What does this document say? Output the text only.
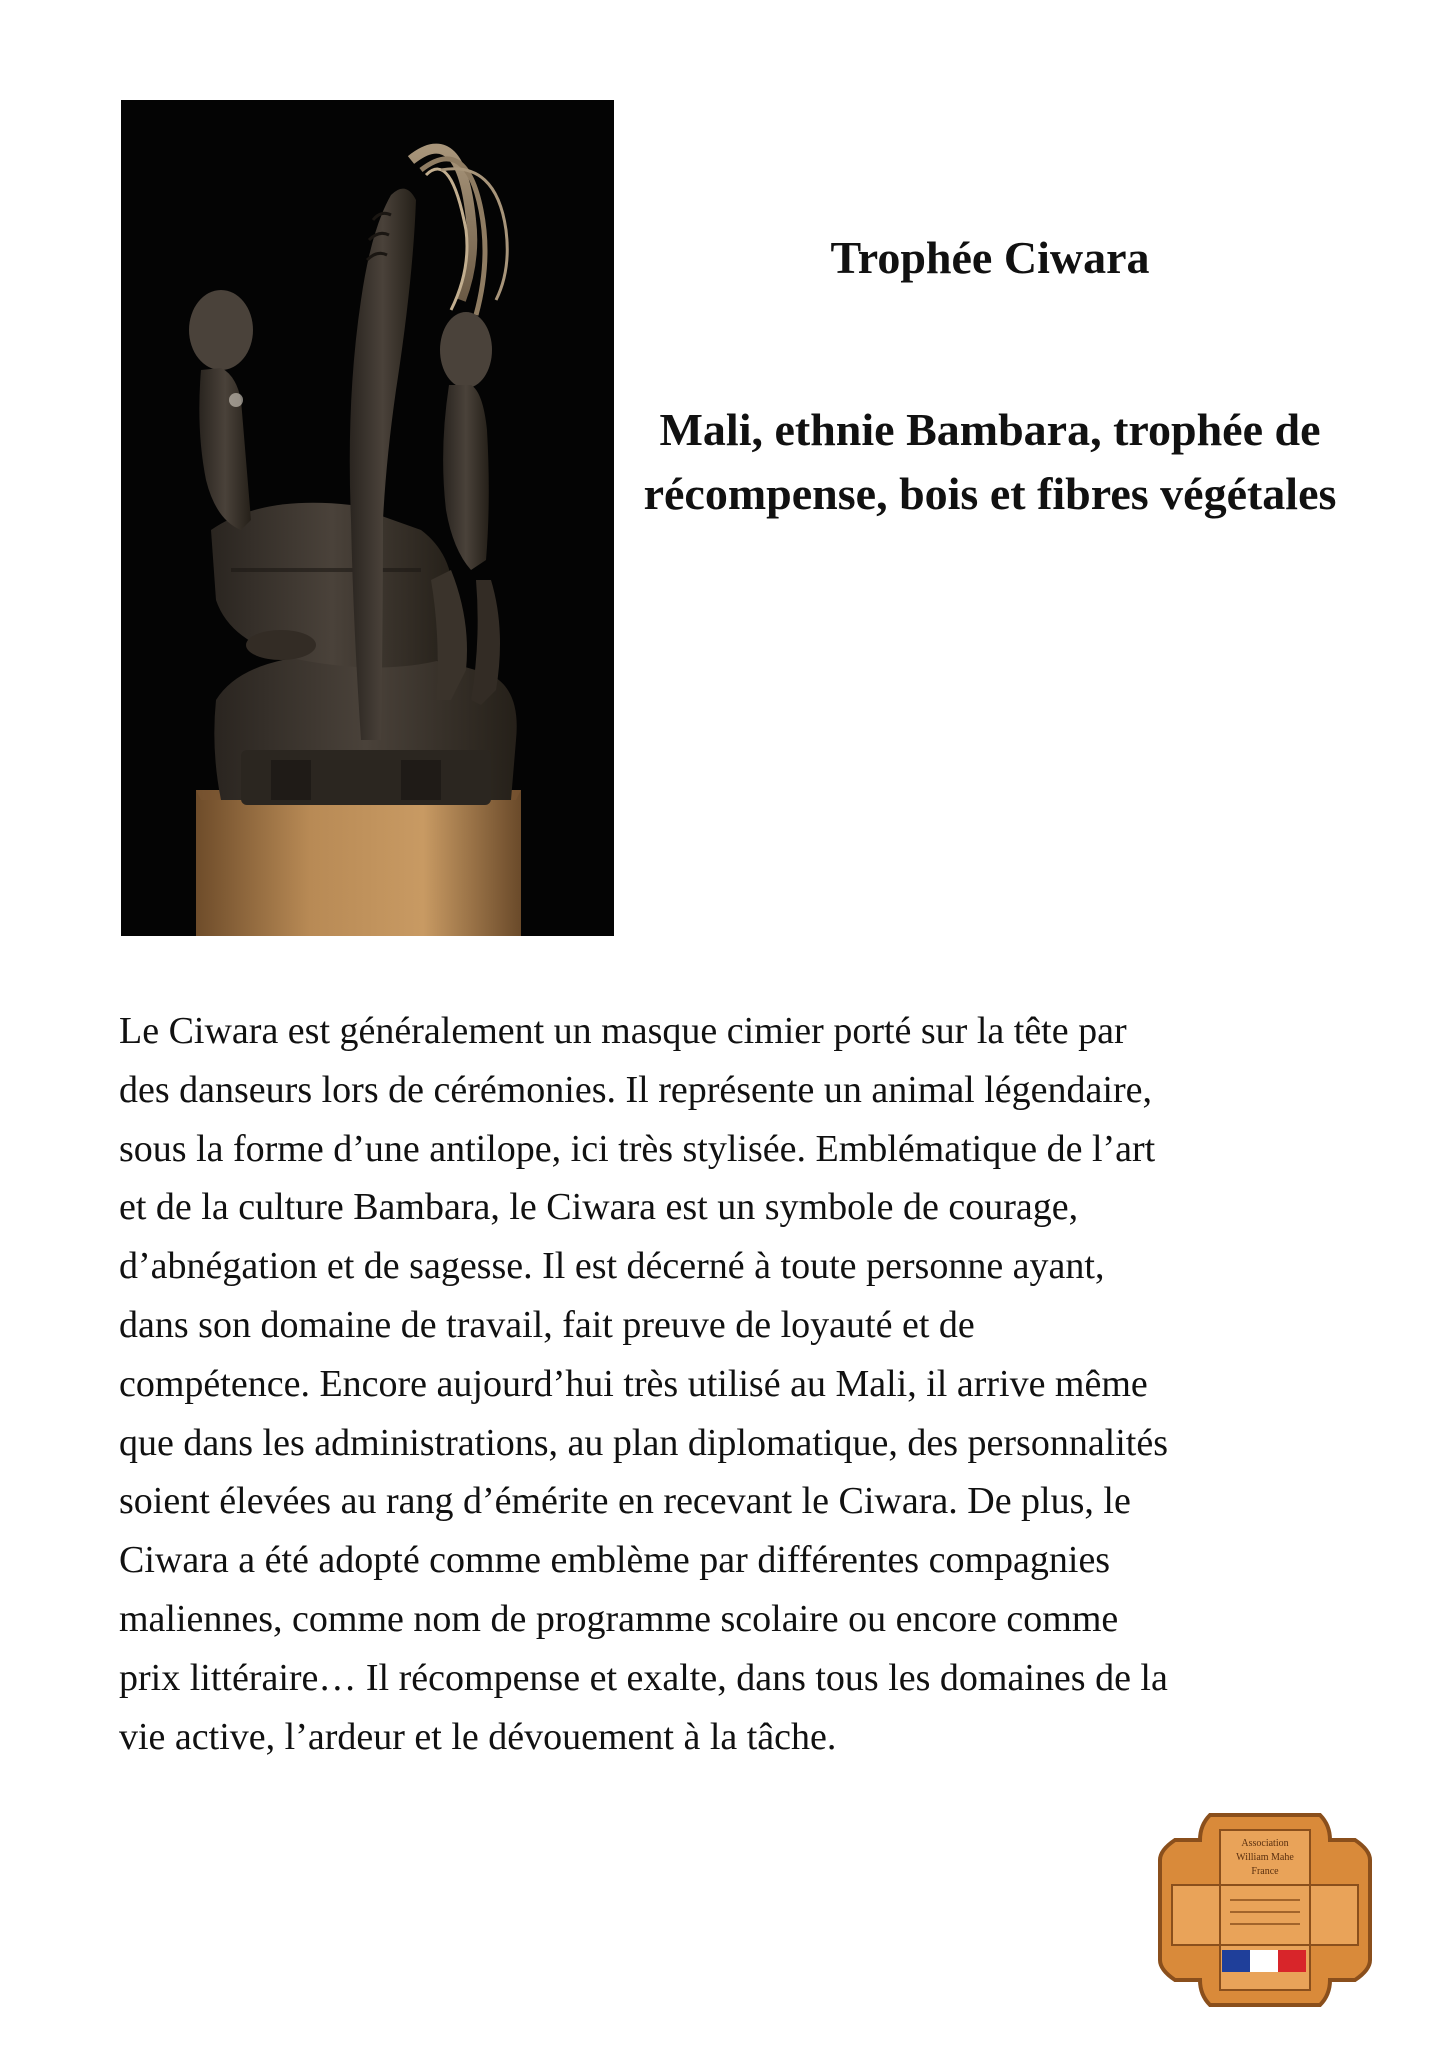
Trophée Ciwara
Mali, ethnie Bambara, trophée de récompense, bois et fibres végétales
Le Ciwara est généralement un masque cimier porté sur la tête par
des danseurs lors de cérémonies. Il représente un animal légendaire,
sous la forme d’une antilope, ici très stylisée. Emblématique de l’art
et de la culture Bambara, le Ciwara est un symbole de courage,
d’abnégation et de sagesse. Il est décerné à toute personne ayant,
dans son domaine de travail, fait preuve de loyauté et de
compétence. Encore aujourd’hui très utilisé au Mali, il arrive même
que dans les administrations, au plan diplomatique, des personnalités
soient élevées au rang d’émérite en recevant le Ciwara. De plus, le
Ciwara a été adopté comme emblème par différentes compagnies
maliennes, comme nom de programme scolaire ou encore comme
prix littéraire… Il récompense et exalte, dans tous les domaines de la
vie active, l’ardeur et le dévouement à la tâche.
Association
William Mahe
France
